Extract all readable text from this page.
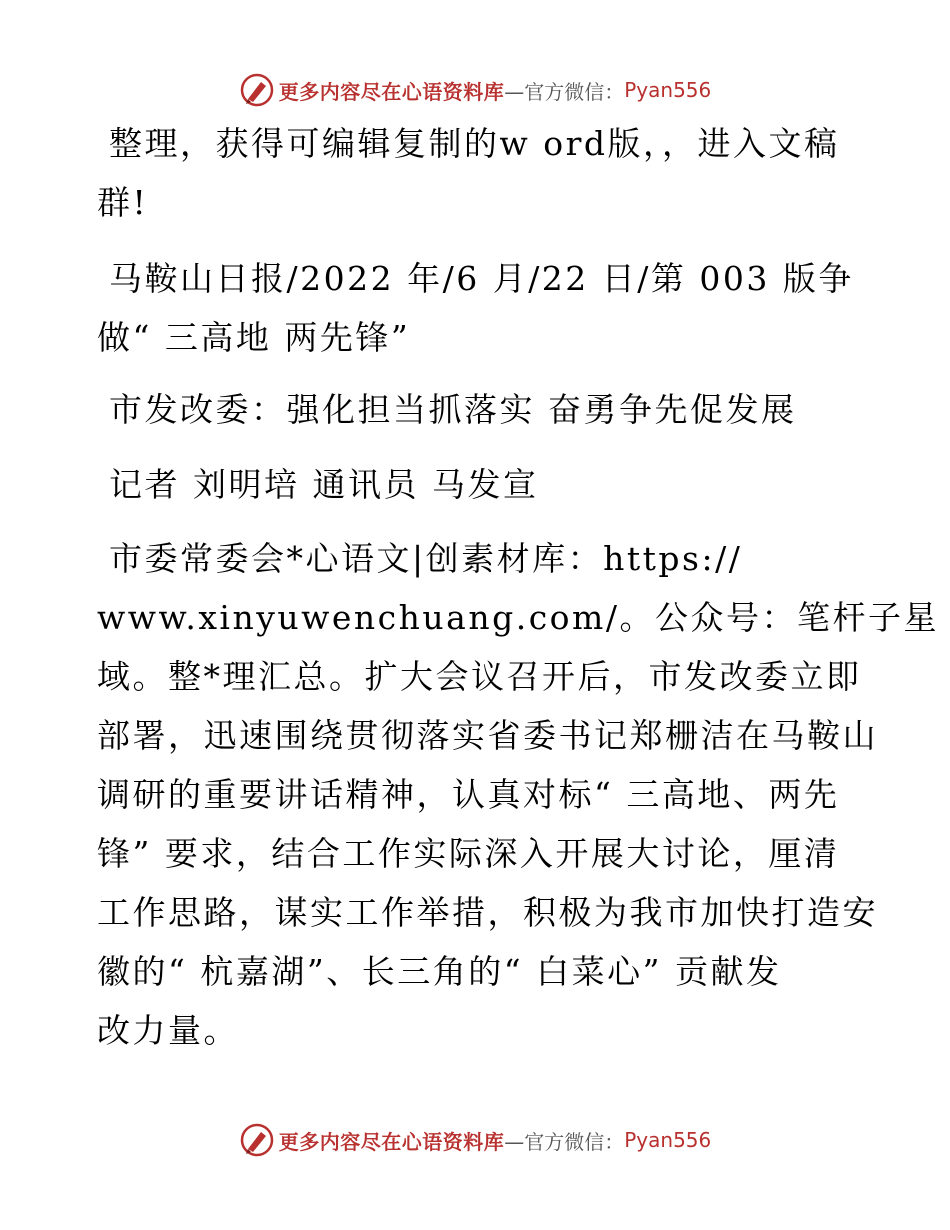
更多内容尽在心语资料库 —官方微信： Pyan556
整理，获得可编辑复制的w ord版，，进入文稿
群!
马鞍山日报/2022 年/6 月/22 日/第 003 版争
做“ 三高地 两先锋”
市发改委：强化担当抓落实 奋勇争先促发展
记者 刘明培 通讯员 马发宣
市委常委会*心语文|创素材库：https://
www.xinyuwenchuang.com/。公众号：笔杆子星
域。整*理汇总。扩大会议召开后，市发改委立即
部署，迅速围绕贯彻落实省委书记郑栅洁在马鞍山
调研的重要讲话精神，认真对标“ 三高地、两先
锋” 要求，结合工作实际深入开展大讨论，厘清
工作思路，谋实工作举措，积极为我市加快打造安
徽的“ 杭嘉湖”、长三角的“ 白菜心” 贡献发
改力量。
更多内容尽在心语资料库 —官方微信： Pyan556
